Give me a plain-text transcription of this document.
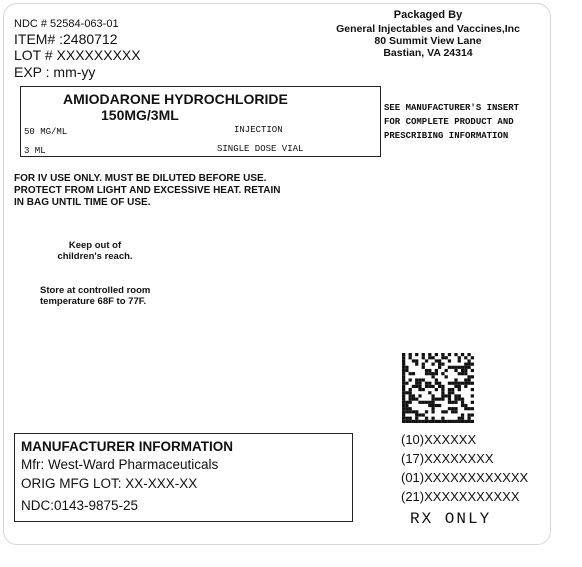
NDC # 52584-063-01
ITEM# :2480712
LOT # XXXXXXXXX
EXP : mm-yy
Packaged By
General Injectables and Vaccines,Inc
80 Summit View Lane
Bastian, VA 24314
AMIODARONE HYDROCHLORIDE
150MG/3ML
50 MG/ML	INJECTION
3 ML	SINGLE DOSE VIAL
SEE MANUFACTURER'S INSERT
FOR COMPLETE PRODUCT AND
PRESCRIBING INFORMATION
FOR IV USE ONLY. MUST BE DILUTED BEFORE USE.
PROTECT FROM LIGHT AND EXCESSIVE HEAT. RETAIN
IN BAG UNTIL TIME OF USE.
Keep out of
children's reach.
Store at controlled room
temperature 68F to 77F.
MANUFACTURER INFORMATION
Mfr: West-Ward Pharmaceuticals
ORIG MFG LOT: XX-XXX-XX
NDC:0143-9875-25
(10)XXXXXX
(17)XXXXXXXX
(01)XXXXXXXXXXXX
(21)XXXXXXXXXXX
RX ONLY
